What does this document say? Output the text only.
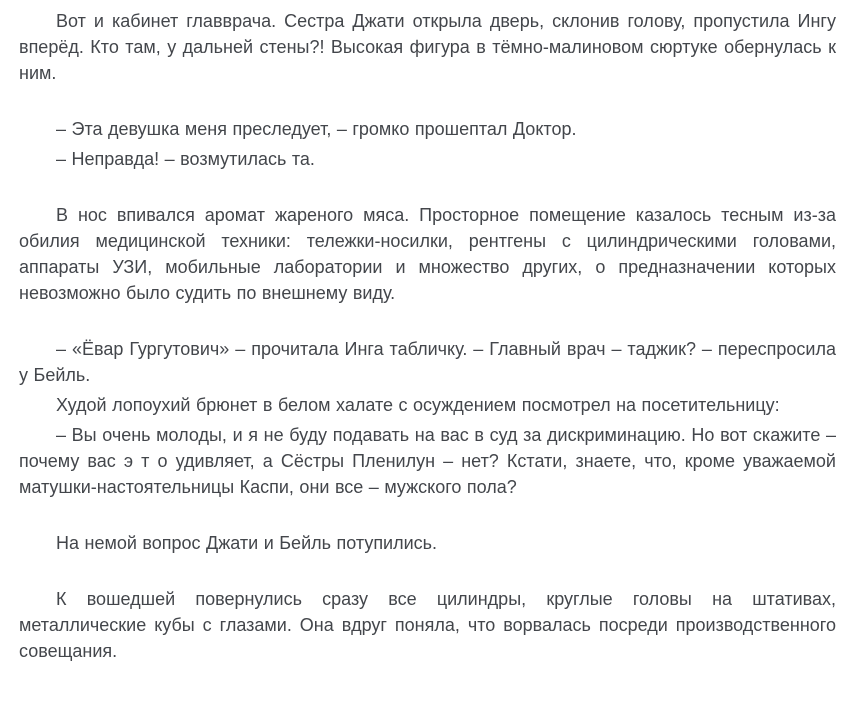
Вот и кабинет главврача. Сестра Джати открыла дверь, склонив голову, пропустила Ингу вперёд. Кто там, у дальней стены?! Высокая фигура в тёмно-малиновом сюртуке обернулась к ним.

– Эта девушка меня преследует, – громко прошептал Доктор.

– Неправда! – возмутилась та.

В нос впивался аромат жареного мяса. Просторное помещение казалось тесным из-за обилия медицинской техники: тележки-носилки, рентгены с цилиндрическими головами, аппараты УЗИ, мобильные лаборатории и множество других, о предназначении которых невозможно было судить по внешнему виду.

– «Ёвар Гургутович» – прочитала Инга табличку. – Главный врач – таджик? – переспросила у Бейль.

Худой лопоухий брюнет в белом халате с осуждением посмотрел на посетительницу:

– Вы очень молоды, и я не буду подавать на вас в суд за дискриминацию. Но вот скажите – почему вас э т о удивляет, а Сёстры Пленилун – нет? Кстати, знаете, что, кроме уважаемой матушки-настоятельницы Каспи, они все – мужского пола?

На немой вопрос Джати и Бейль потупились.

К вошедшей повернулись сразу все цилиндры, круглые головы на штативах, металлические кубы с глазами. Она вдруг поняла, что ворвалась посреди производственного совещания.
